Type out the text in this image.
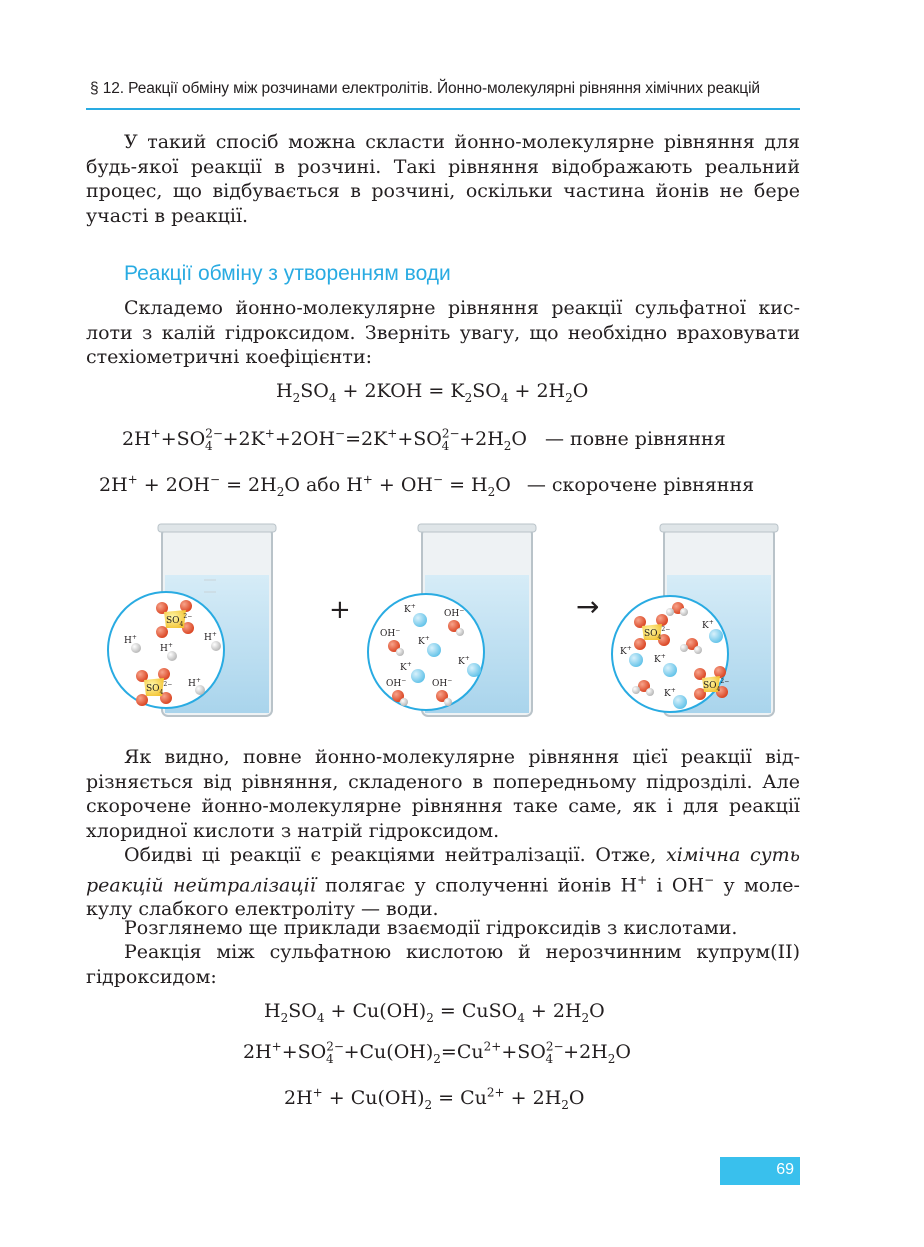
§ 12. Реакції обміну між розчинами електролітів. Йонно-молекулярні рівняння хімічних реакцій

У такий спосіб можна скласти йонно-молекулярне рівняння для будь-якої реакції в розчині. Такі рівняння відображають реальний процес, що відбувається в розчині, оскільки частина йонів не бере участі в реакції.

Реакції обміну з утворенням води

Складемо йонно-молекулярне рівняння реакції сульфатної кис- лоти з калій гідроксидом. Зверніть увагу, що необхідно враховувати стехіометричні коефіцієнти:

$H_2SO_4 + 2KOH = K_2SO_4 + 2H_2O$
$2H^++SO^{2-}_4 +2K^++2OH^-=2K^++SO^{2-}_4 +2H_2O$ — повне рівняння
$2H^+ + 2OH^- = 2H_2O$ або $H^+ + OH^- = H_2O$ — скорочене рівняння
$SO_4^{2-}$
$SO_4^{2-}$
H+
H+
H+
H+
+	K+
K+
K+	K+
OH−
OH−
OH−	OH−
→
$SO_4^{2-}$
$SO_4^{2-}$
K+
K+
K+
K+

Як видно, повне йонно-молекулярне рівняння цієї реакції від- різняється від рівняння, складеного в попередньому підрозділі. Але скорочене йонно-молекулярне рівняння таке саме, як і для реакції хлоридної кислоти з натрій гідроксидом.

Обидві ці реакції є реакціями нейтралізації. Отже, хімічна суть реакцій нейтралізації полягає у сполученні йонів H+ і OH− у моле- кулу слабкого електроліту — води.

Розглянемо ще приклади взаємодії гідроксидів з кислотами.

Реакція між сульфатною кислотою й нерозчинним купрум(II) гідроксидом:

$H_2SO_4 + Cu(OH)_2$ = CuSO$_4$ + $2H_2O$
$2H^++SO^{2-}_4 +Cu(OH)_2=Cu^{2+}+SO^{2-}_4 +2H_2O$
$2H^+ + Cu(OH)_2 = Cu^{2+} + 2H_2O$
69
